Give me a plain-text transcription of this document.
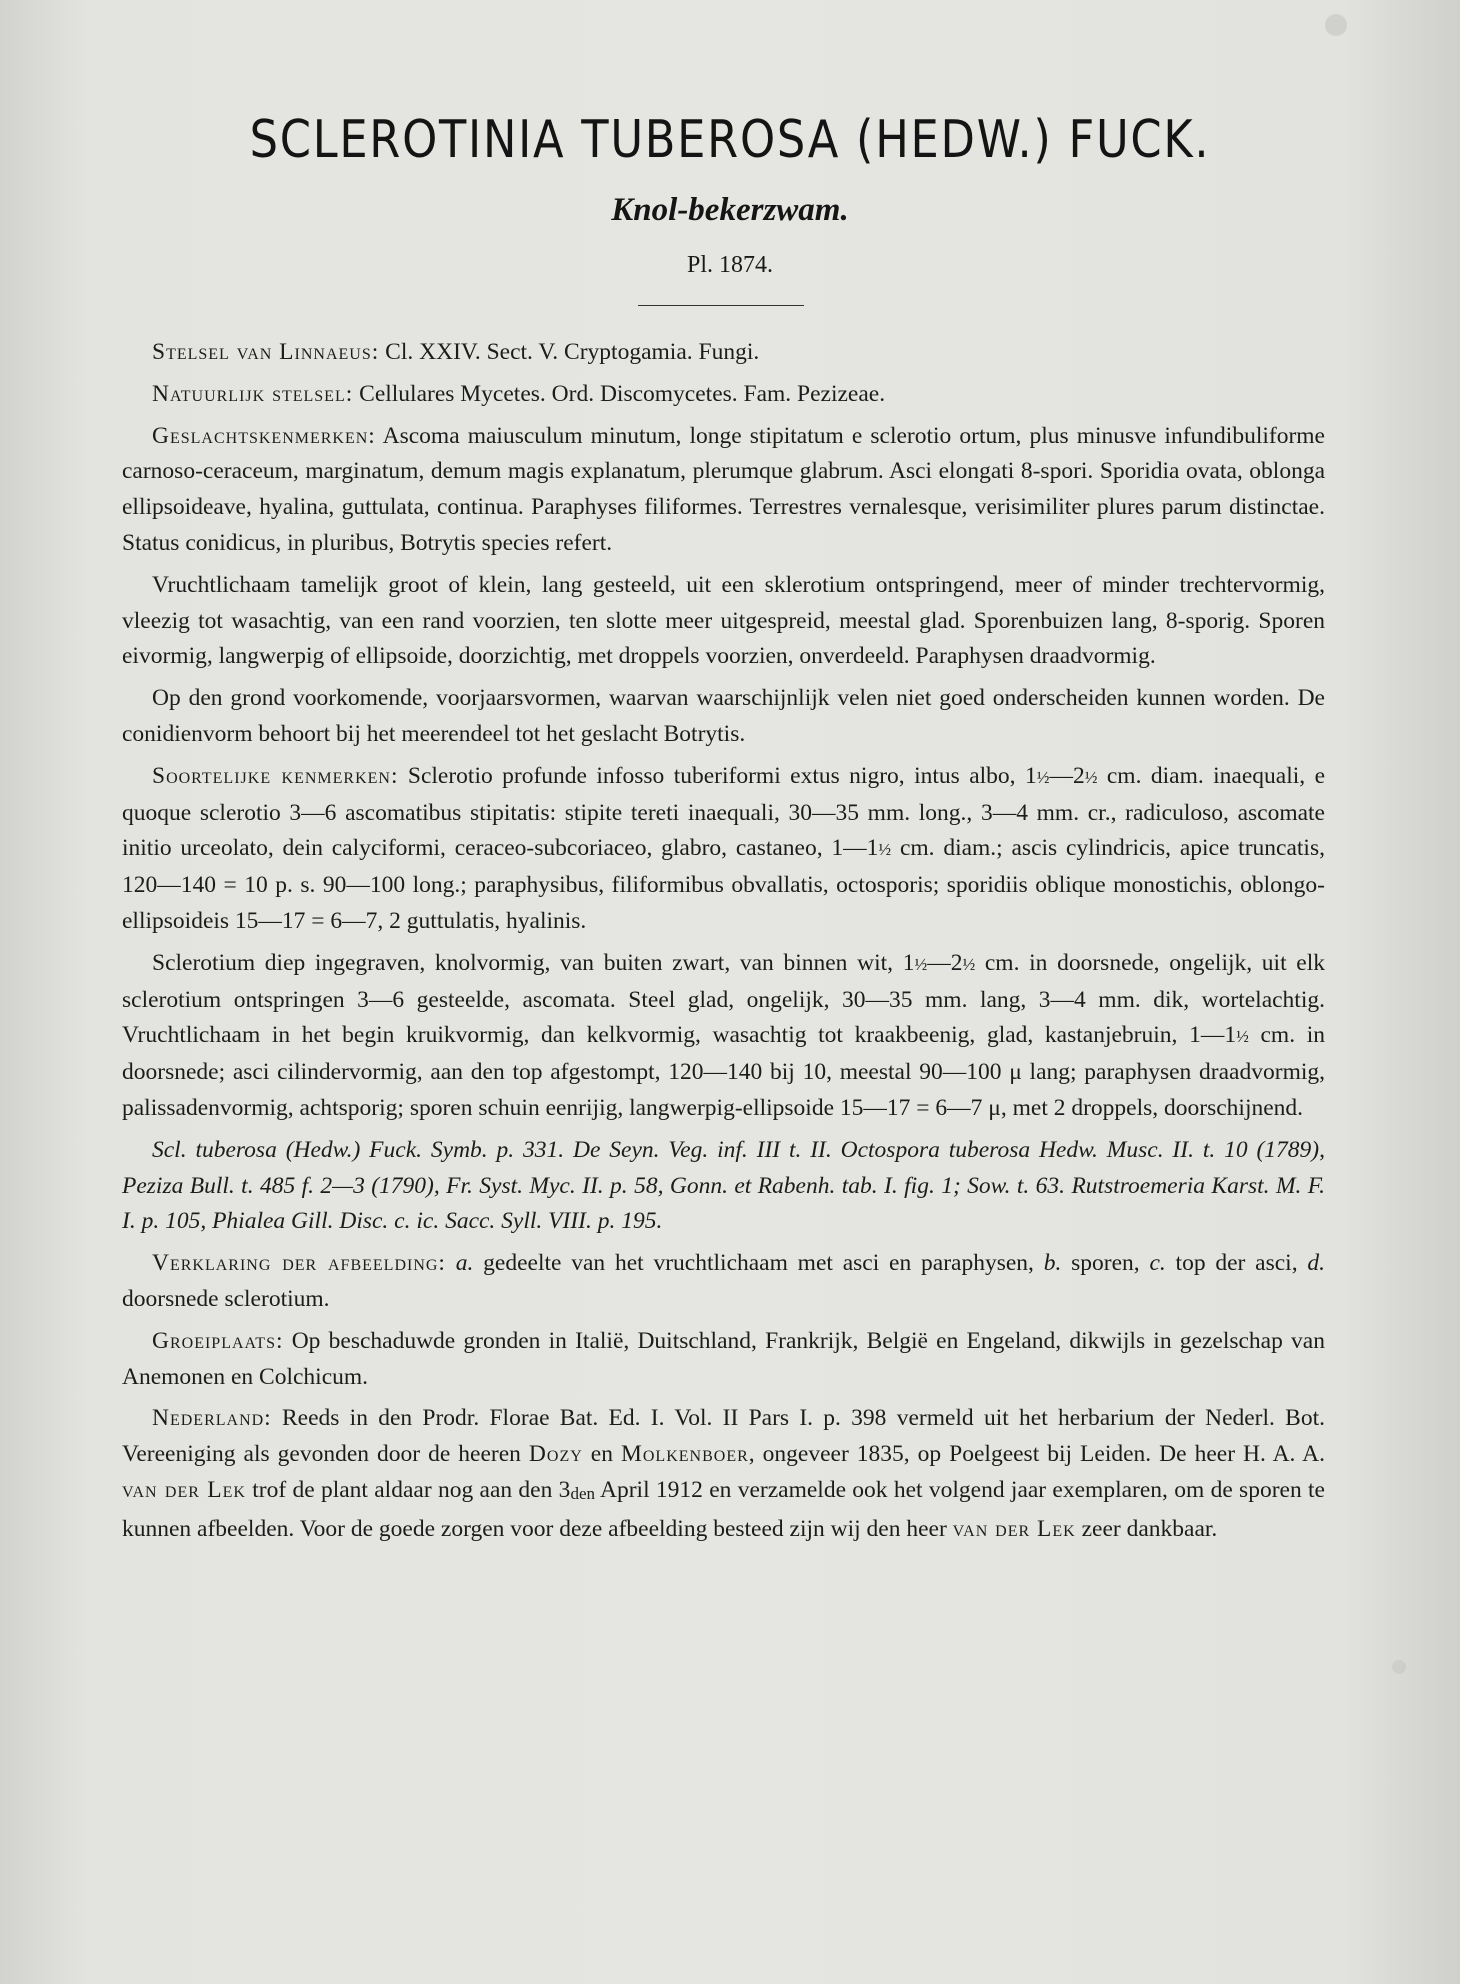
SCLEROTINIA TUBEROSA (HEDW.) FUCK.
Knol-bekerzwam.
Pl. 1874.

Stelsel van Linnaeus: Cl. XXIV. Sect. V. Cryptogamia. Fungi.

Natuurlijk stelsel: Cellulares Mycetes. Ord. Discomycetes. Fam. Pezizeae.

Geslachtskenmerken: Ascoma maiusculum minutum, longe stipitatum e sclerotio ortum, plus minusve infundibuliforme carnoso-ceraceum, marginatum, demum magis explanatum, plerumque glabrum. Asci elongati 8-spori. Sporidia ovata, oblonga ellipsoideave, hyalina, guttulata, continua. Paraphyses filiformes. Terrestres vernalesque, verisimiliter plures parum distinctae. Status conidicus, in pluribus, Botrytis species refert.

Vruchtlichaam tamelijk groot of klein, lang gesteeld, uit een sklerotium ontspringend, meer of minder trechtervormig, vleezig tot wasachtig, van een rand voorzien, ten slotte meer uitgespreid, meestal glad. Sporenbuizen lang, 8-sporig. Sporen eivormig, langwerpig of ellipsoide, doorzichtig, met droppels voorzien, onverdeeld. Paraphysen draadvormig.

Op den grond voorkomende, voorjaarsvormen, waarvan waarschijnlijk velen niet goed onderscheiden kunnen worden. De conidienvorm behoort bij het meerendeel tot het geslacht Botrytis.

Soortelijke kenmerken: Sclerotio profunde infosso tuberiformi extus nigro, intus albo, 1½—2½ cm. diam. inaequali, e quoque sclerotio 3—6 ascomatibus stipitatis: stipite tereti inaequali, 30—35 mm. long., 3—4 mm. cr., radiculoso, ascomate initio urceolato, dein calyciformi, ceraceo-subcoriaceo, glabro, castaneo, 1—1½ cm. diam.; ascis cylindricis, apice truncatis, 120—140 = 10 p. s. 90—100 long.; paraphysibus, filiformibus obvallatis, octosporis; sporidiis oblique monostichis, oblongo-ellipsoideis 15—17 = 6—7, 2 guttulatis, hyalinis.

Sclerotium diep ingegraven, knolvormig, van buiten zwart, van binnen wit, 1½—2½ cm. in doorsnede, ongelijk, uit elk sclerotium ontspringen 3—6 gesteelde, ascomata. Steel glad, ongelijk, 30—35 mm. lang, 3—4 mm. dik, wortelachtig. Vruchtlichaam in het begin kruikvormig, dan kelkvormig, wasachtig tot kraakbeenig, glad, kastanjebruin, 1—1½ cm. in doorsnede; asci cilindervormig, aan den top afgestompt, 120—140 bij 10, meestal 90—100 μ lang; paraphysen draadvormig, palissadenvormig, achtsporig; sporen schuin eenrijig, langwerpig-ellipsoide 15—17 = 6—7 μ, met 2 droppels, doorschijnend.

Scl. tuberosa (Hedw.) Fuck. Symb. p. 331. De Seyn. Veg. inf. III t. II. Octospora tuberosa Hedw. Musc. II. t. 10 (1789), Peziza Bull. t. 485 f. 2—3 (1790), Fr. Syst. Myc. II. p. 58, Gonn. et Rabenh. tab. I. fig. 1; Sow. t. 63. Rutstroemeria Karst. M. F. I. p. 105, Phialea Gill. Disc. c. ic. Sacc. Syll. VIII. p. 195.

Verklaring der afbeelding: a. gedeelte van het vruchtlichaam met asci en paraphysen, b. sporen, c. top der asci, d. doorsnede sclerotium.

Groeiplaats: Op beschaduwde gronden in Italië, Duitschland, Frankrijk, België en Engeland, dikwijls in gezelschap van Anemonen en Colchicum.

Nederland: Reeds in den Prodr. Florae Bat. Ed. I. Vol. II Pars I. p. 398 vermeld uit het herbarium der Nederl. Bot. Vereeniging als gevonden door de heeren Dozy en Molkenboer, ongeveer 1835, op Poelgeest bij Leiden. De heer H. A. A. van der Lek trof de plant aldaar nog aan den 3den April 1912 en verzamelde ook het volgend jaar exemplaren, om de sporen te kunnen afbeelden. Voor de goede zorgen voor deze afbeelding besteed zijn wij den heer van der Lek zeer dankbaar.
